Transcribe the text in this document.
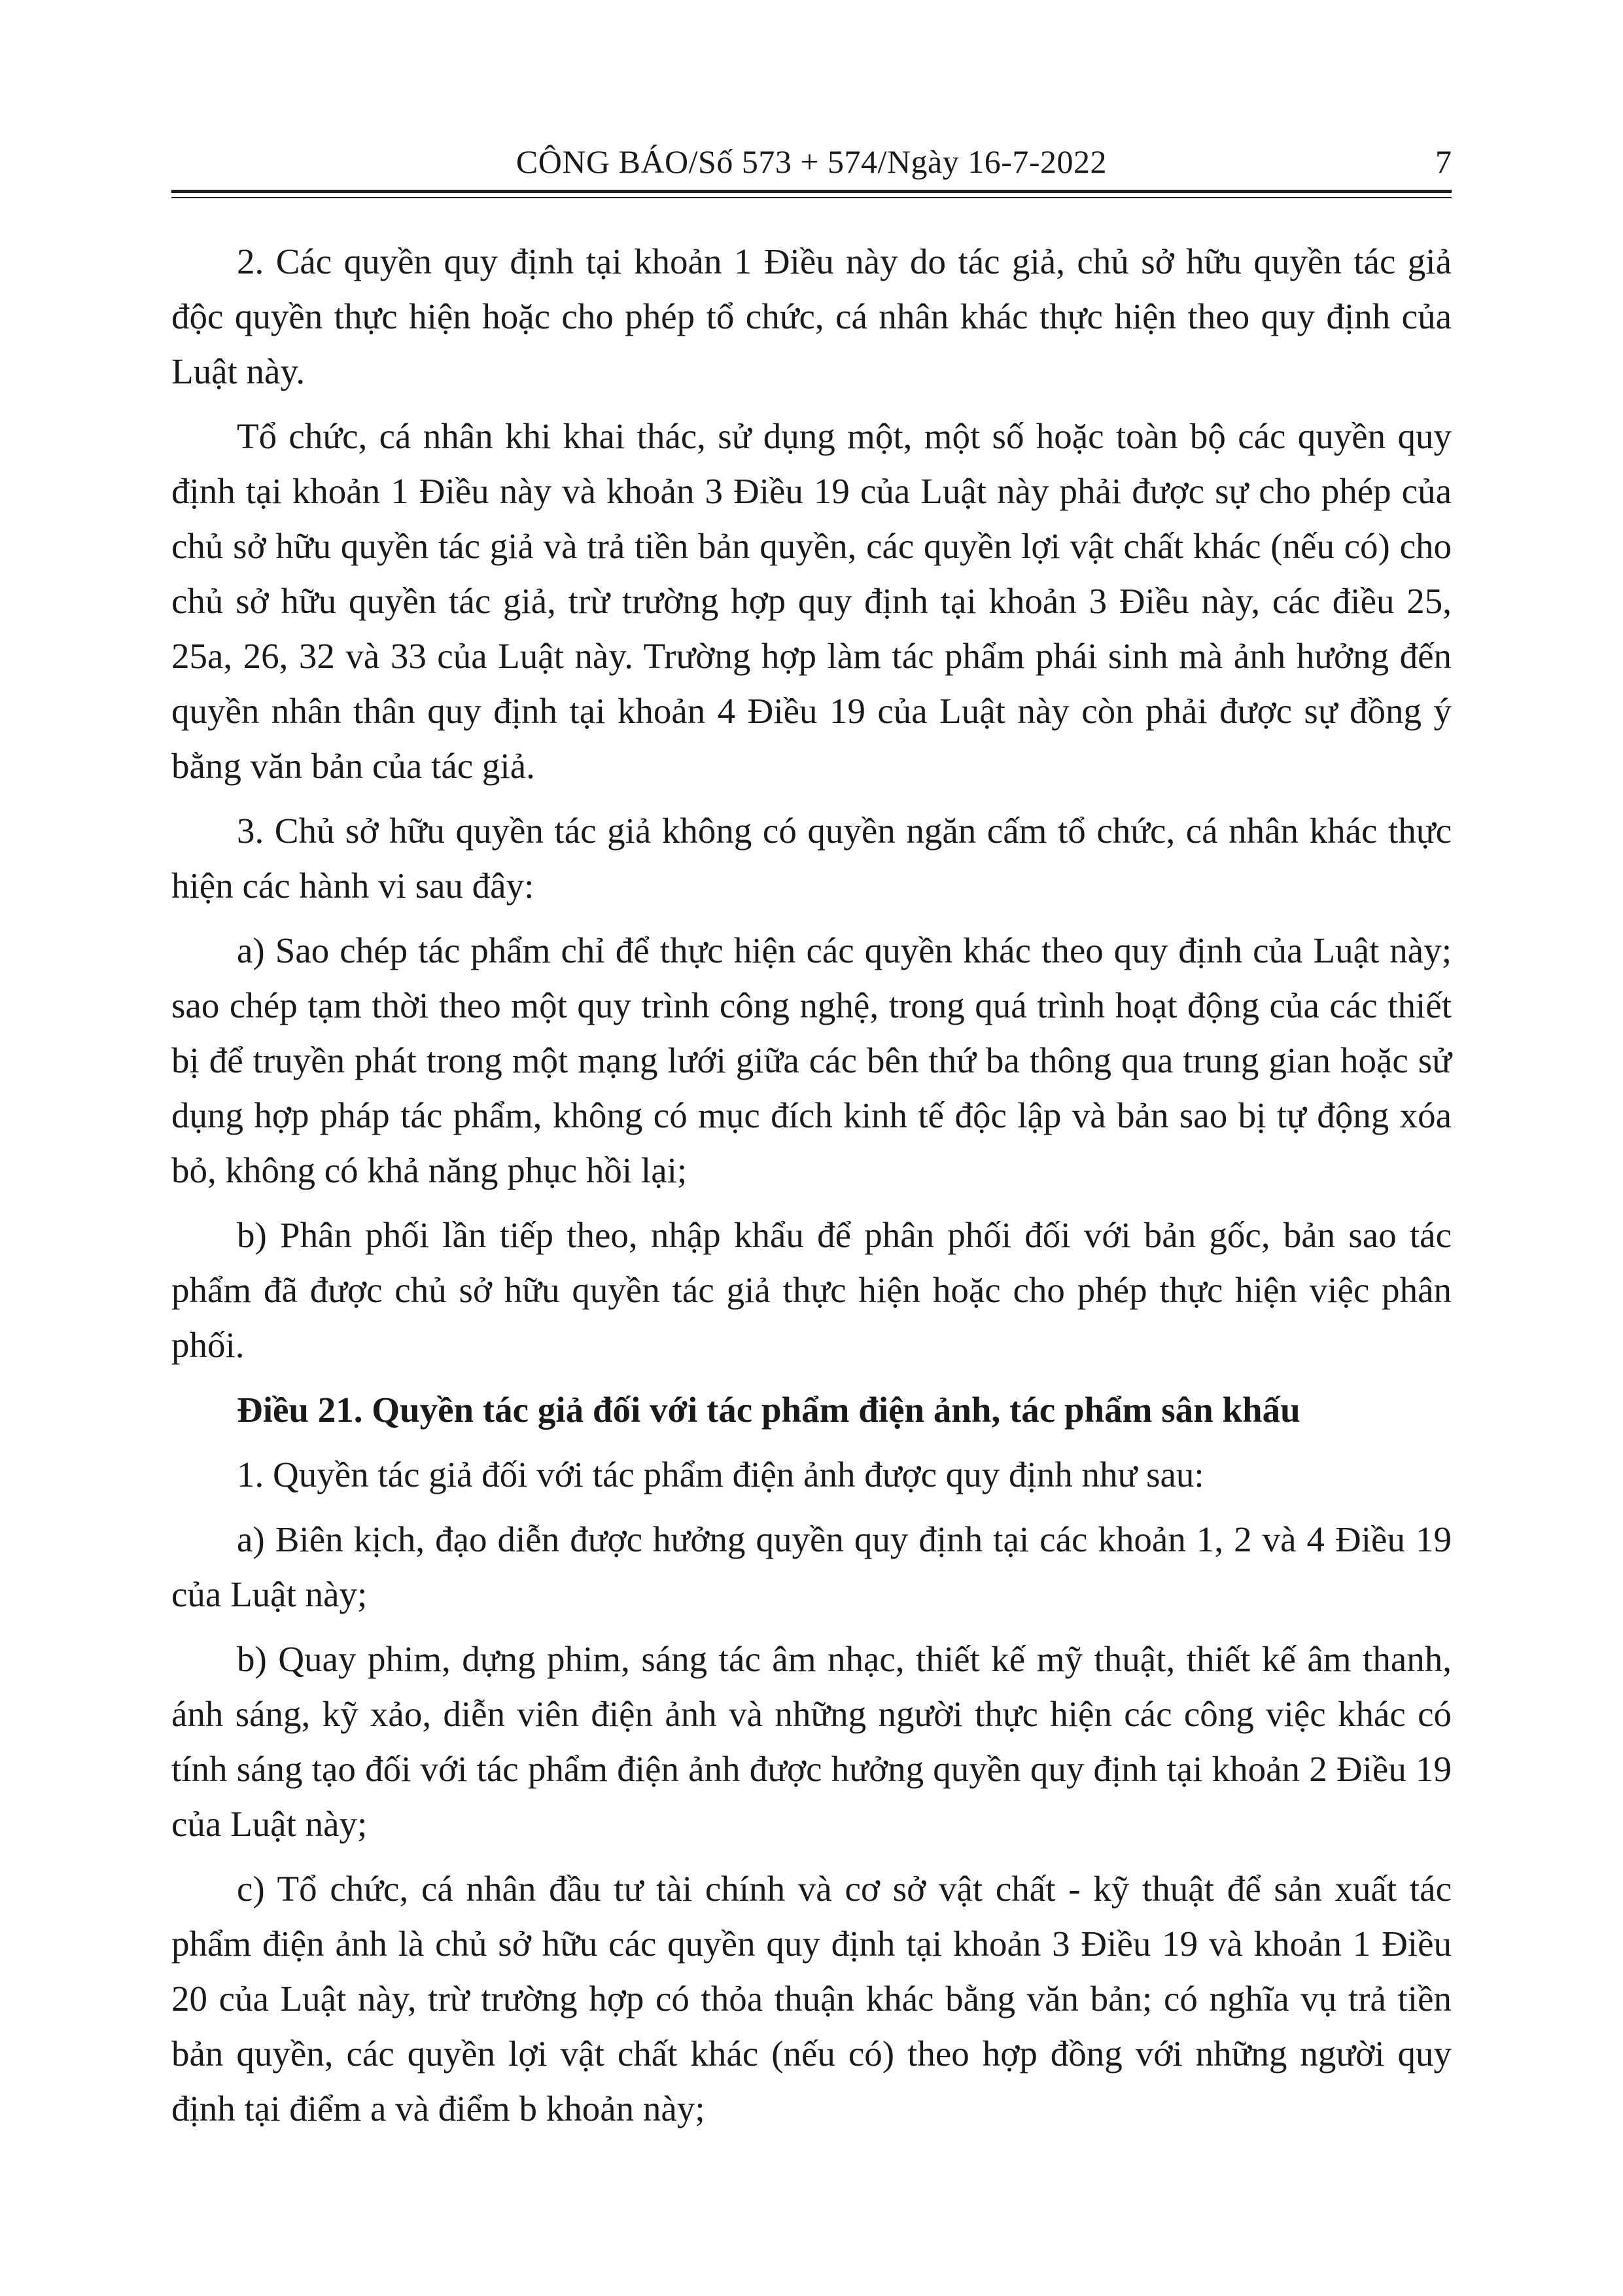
CÔNG BÁO/Số 573 + 574/Ngày 16-7-2022	7

2. Các quyền quy định tại khoản 1 Điều này do tác giả, chủ sở hữu quyền tác giả độc quyền thực hiện hoặc cho phép tổ chức, cá nhân khác thực hiện theo quy định của Luật này.

Tổ chức, cá nhân khi khai thác, sử dụng một, một số hoặc toàn bộ các quyền quy định tại khoản 1 Điều này và khoản 3 Điều 19 của Luật này phải được sự cho phép của chủ sở hữu quyền tác giả và trả tiền bản quyền, các quyền lợi vật chất khác (nếu có) cho chủ sở hữu quyền tác giả, trừ trường hợp quy định tại khoản 3 Điều này, các điều 25, 25a, 26, 32 và 33 của Luật này. Trường hợp làm tác phẩm phái sinh mà ảnh hưởng đến quyền nhân thân quy định tại khoản 4 Điều 19 của Luật này còn phải được sự đồng ý bằng văn bản của tác giả.

3. Chủ sở hữu quyền tác giả không có quyền ngăn cấm tổ chức, cá nhân khác thực hiện các hành vi sau đây:

a) Sao chép tác phẩm chỉ để thực hiện các quyền khác theo quy định của Luật này; sao chép tạm thời theo một quy trình công nghệ, trong quá trình hoạt động của các thiết bị để truyền phát trong một mạng lưới giữa các bên thứ ba thông qua trung gian hoặc sử dụng hợp pháp tác phẩm, không có mục đích kinh tế độc lập và bản sao bị tự động xóa bỏ, không có khả năng phục hồi lại;

b) Phân phối lần tiếp theo, nhập khẩu để phân phối đối với bản gốc, bản sao tác phẩm đã được chủ sở hữu quyền tác giả thực hiện hoặc cho phép thực hiện việc phân phối.

Điều 21. Quyền tác giả đối với tác phẩm điện ảnh, tác phẩm sân khấu

1. Quyền tác giả đối với tác phẩm điện ảnh được quy định như sau:

a) Biên kịch, đạo diễn được hưởng quyền quy định tại các khoản 1, 2 và 4 Điều 19 của Luật này;

b) Quay phim, dựng phim, sáng tác âm nhạc, thiết kế mỹ thuật, thiết kế âm thanh, ánh sáng, kỹ xảo, diễn viên điện ảnh và những người thực hiện các công việc khác có tính sáng tạo đối với tác phẩm điện ảnh được hưởng quyền quy định tại khoản 2 Điều 19 của Luật này;

c) Tổ chức, cá nhân đầu tư tài chính và cơ sở vật chất - kỹ thuật để sản xuất tác phẩm điện ảnh là chủ sở hữu các quyền quy định tại khoản 3 Điều 19 và khoản 1 Điều 20 của Luật này, trừ trường hợp có thỏa thuận khác bằng văn bản; có nghĩa vụ trả tiền bản quyền, các quyền lợi vật chất khác (nếu có) theo hợp đồng với những người quy định tại điểm a và điểm b khoản này;
